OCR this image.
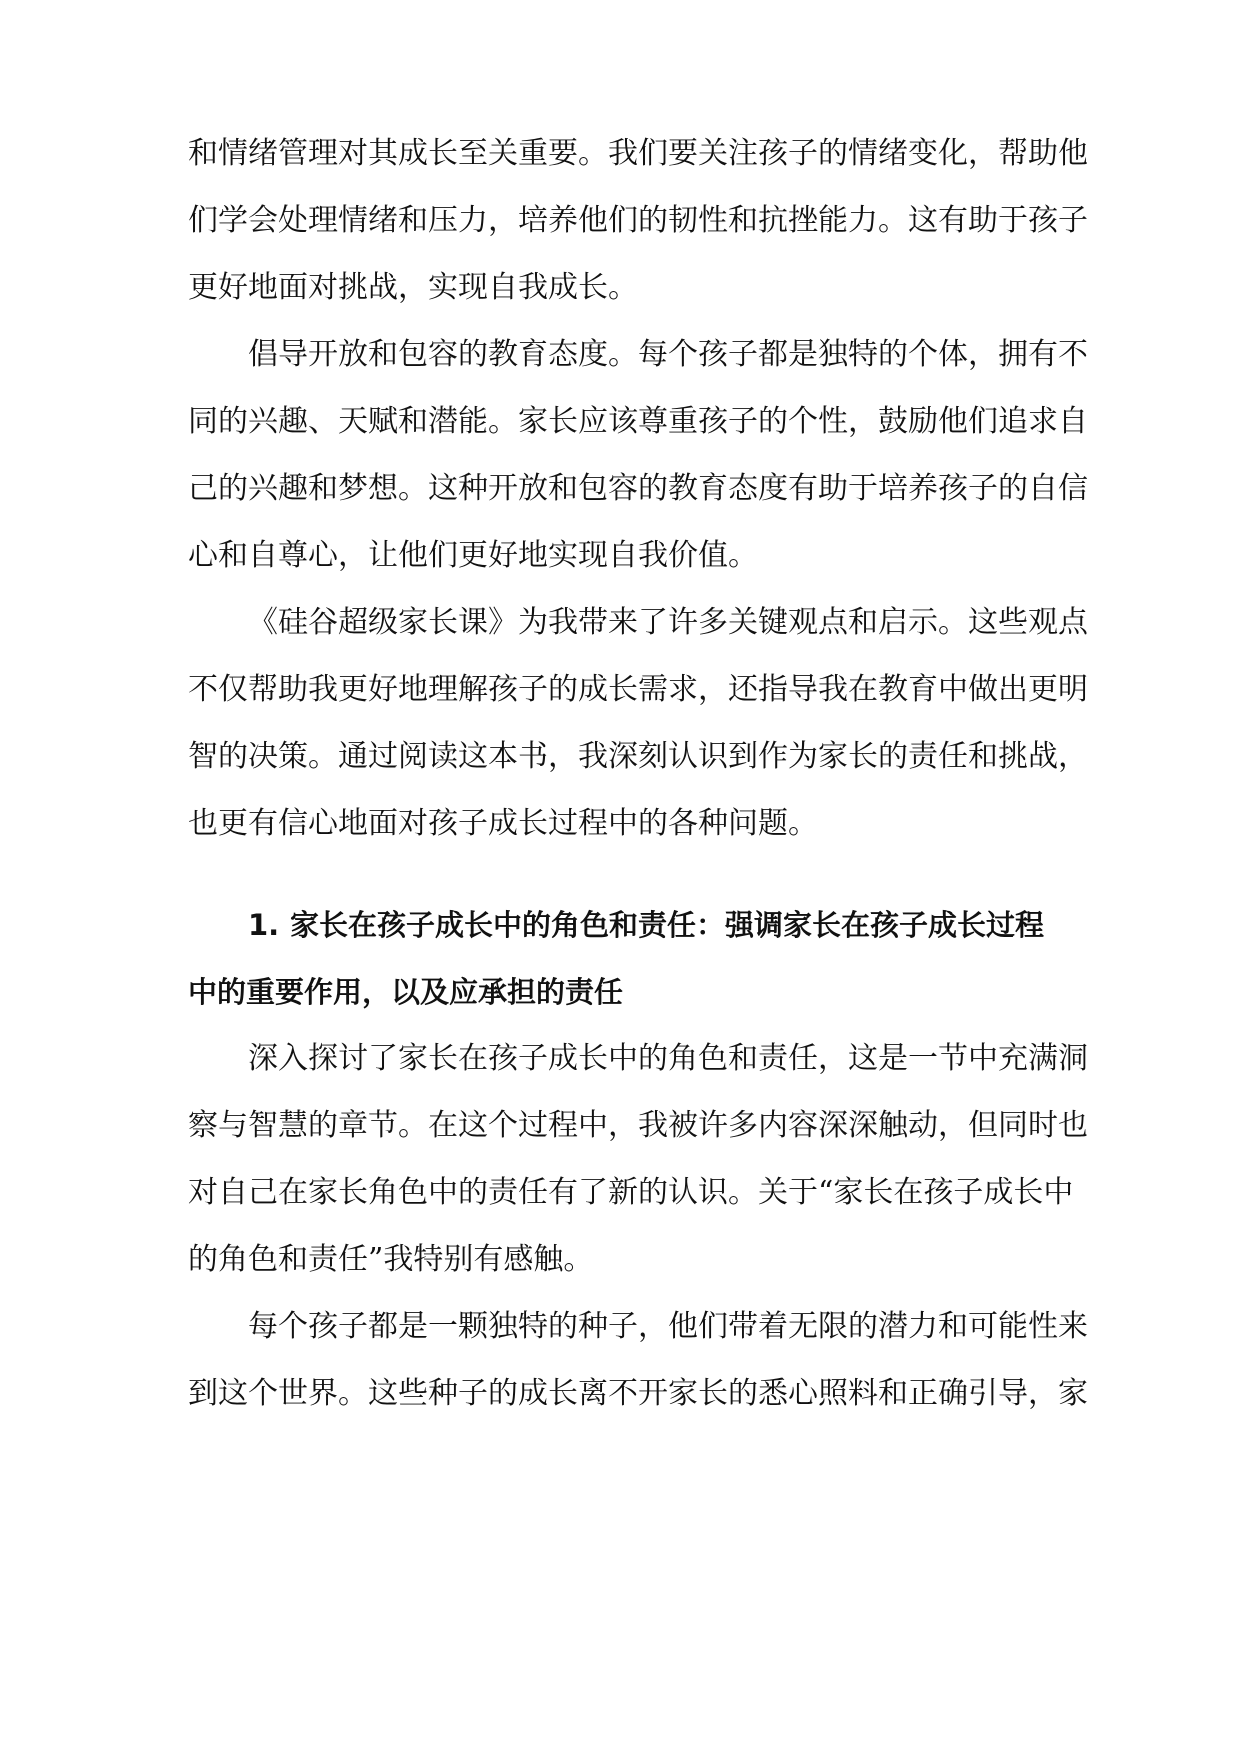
和情绪管理对其成长至关重要。我们要关注孩子的情绪变化，帮助他

们学会处理情绪和压力，培养他们的韧性和抗挫能力。这有助于孩子

更好地面对挑战，实现自我成长。

倡导开放和包容的教育态度。每个孩子都是独特的个体，拥有不

同的兴趣、天赋和潜能。家长应该尊重孩子的个性，鼓励他们追求自

己的兴趣和梦想。这种开放和包容的教育态度有助于培养孩子的自信

心和自尊心，让他们更好地实现自我价值。

《硅谷超级家长课》为我带来了许多关键观点和启示。这些观点

不仅帮助我更好地理解孩子的成长需求，还指导我在教育中做出更明

智的决策。通过阅读这本书，我深刻认识到作为家长的责任和挑战，

也更有信心地面对孩子成长过程中的各种问题。

1. 家长在孩子成长中的角色和责任：强调家长在孩子成长过程

中的重要作用，以及应承担的责任

深入探讨了家长在孩子成长中的角色和责任，这是一节中充满洞

察与智慧的章节。在这个过程中，我被许多内容深深触动，但同时也

对自己在家长角色中的责任有了新的认识。关于“家长在孩子成长中

的角色和责任”我特别有感触。

每个孩子都是一颗独特的种子，他们带着无限的潜力和可能性来

到这个世界。这些种子的成长离不开家长的悉心照料和正确引导，家
